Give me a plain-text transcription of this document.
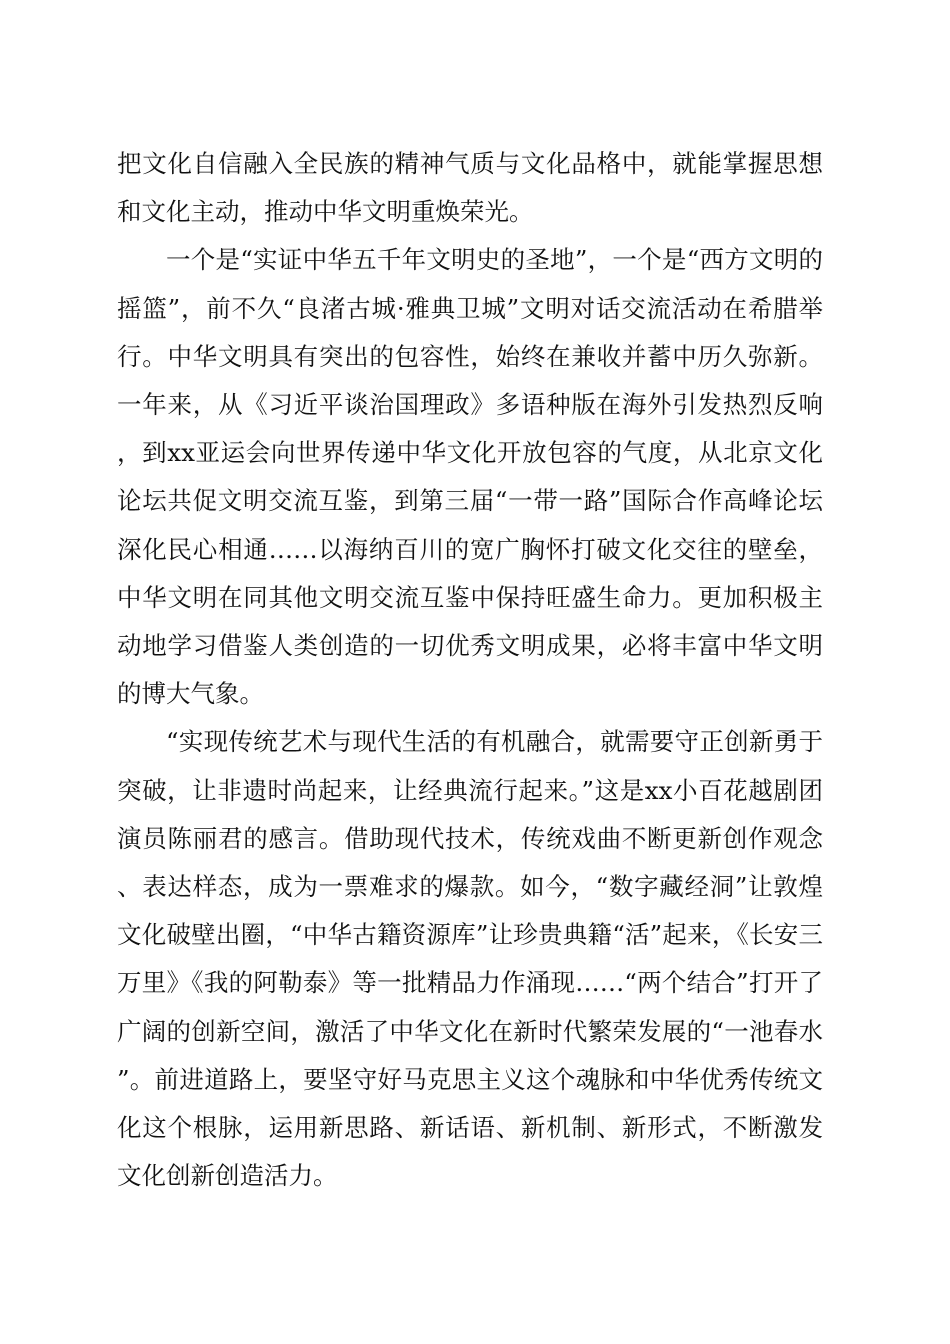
把文化自信融入全民族的精神气质与文化品格中，就能掌握思想和文化主动，推动中华文明重焕荣光。

一个是“实证中华五千年文明史的圣地”，一个是“西方文明的摇篮”，前不久“良渚古城·雅典卫城”文明对话交流活动在希腊举行。中华文明具有突出的包容性，始终在兼收并蓄中历久弥新。一年来，从《习近平谈治国理政》多语种版在海外引发热烈反响，到xx亚运会向世界传递中华文化开放包容的气度，从北京文化论坛共促文明交流互鉴，到第三届“一带一路”国际合作高峰论坛深化民心相通……以海纳百川的宽广胸怀打破文化交往的壁垒，中华文明在同其他文明交流互鉴中保持旺盛生命力。更加积极主动地学习借鉴人类创造的一切优秀文明成果，必将丰富中华文明的博大气象。

“实现传统艺术与现代生活的有机融合，就需要守正创新勇于突破，让非遗时尚起来，让经典流行起来。”这是xx小百花越剧团演员陈丽君的感言。借助现代技术，传统戏曲不断更新创作观念、表达样态，成为一票难求的爆款。如今，“数字藏经洞”让敦煌文化破壁出圈，“中华古籍资源库”让珍贵典籍“活”起来，《长安三万里》《我的阿勒泰》等一批精品力作涌现……“两个结合”打开了广阔的创新空间，激活了中华文化在新时代繁荣发展的“一池春水”。前进道路上，要坚守好马克思主义这个魂脉和中华优秀传统文化这个根脉，运用新思路、新话语、新机制、新形式，不断激发文化创新创造活力。
